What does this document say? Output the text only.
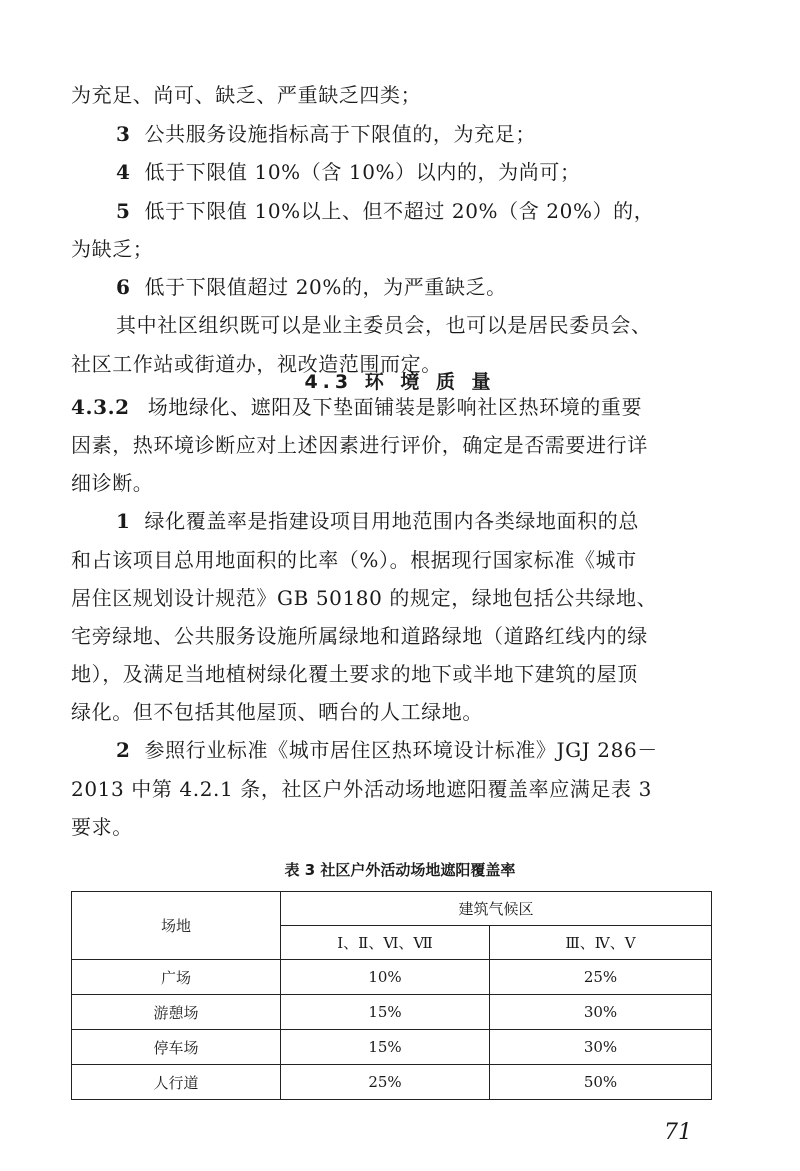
为充足、尚可、缺乏、严重缺乏四类；
3 公共服务设施指标高于下限值的，为充足；
4 低于下限值 10%（含 10%）以内的，为尚可；
5 低于下限值 10%以上、但不超过 20%（含 20%）的，
为缺乏；
6 低于下限值超过 20%的，为严重缺乏。
其中社区组织既可以是业主委员会，也可以是居民委员会、
社区工作站或街道办，视改造范围而定。
4.3 环 境 质 量
4.3.2 场地绿化、遮阳及下垫面铺装是影响社区热环境的重要
因素，热环境诊断应对上述因素进行评价，确定是否需要进行详
细诊断。
1 绿化覆盖率是指建设项目用地范围内各类绿地面积的总
和占该项目总用地面积的比率（%）。根据现行国家标准《城市
居住区规划设计规范》GB 50180 的规定，绿地包括公共绿地、
宅旁绿地、公共服务设施所属绿地和道路绿地（道路红线内的绿
地），及满足当地植树绿化覆土要求的地下或半地下建筑的屋顶
绿化。但不包括其他屋顶、晒台的人工绿地。
2 参照行业标准《城市居住区热环境设计标准》JGJ 286－
2013 中第 4.2.1 条，社区户外活动场地遮阳覆盖率应满足表 3
要求。
表 3 社区户外活动场地遮阳覆盖率
场地	建筑气候区	
	Ⅰ、Ⅱ、Ⅵ、Ⅶ	Ⅲ、Ⅳ、Ⅴ
广场	10%	25%
游憩场	15%	30%
停车场	15%	30%
人行道	25%	50%
71
